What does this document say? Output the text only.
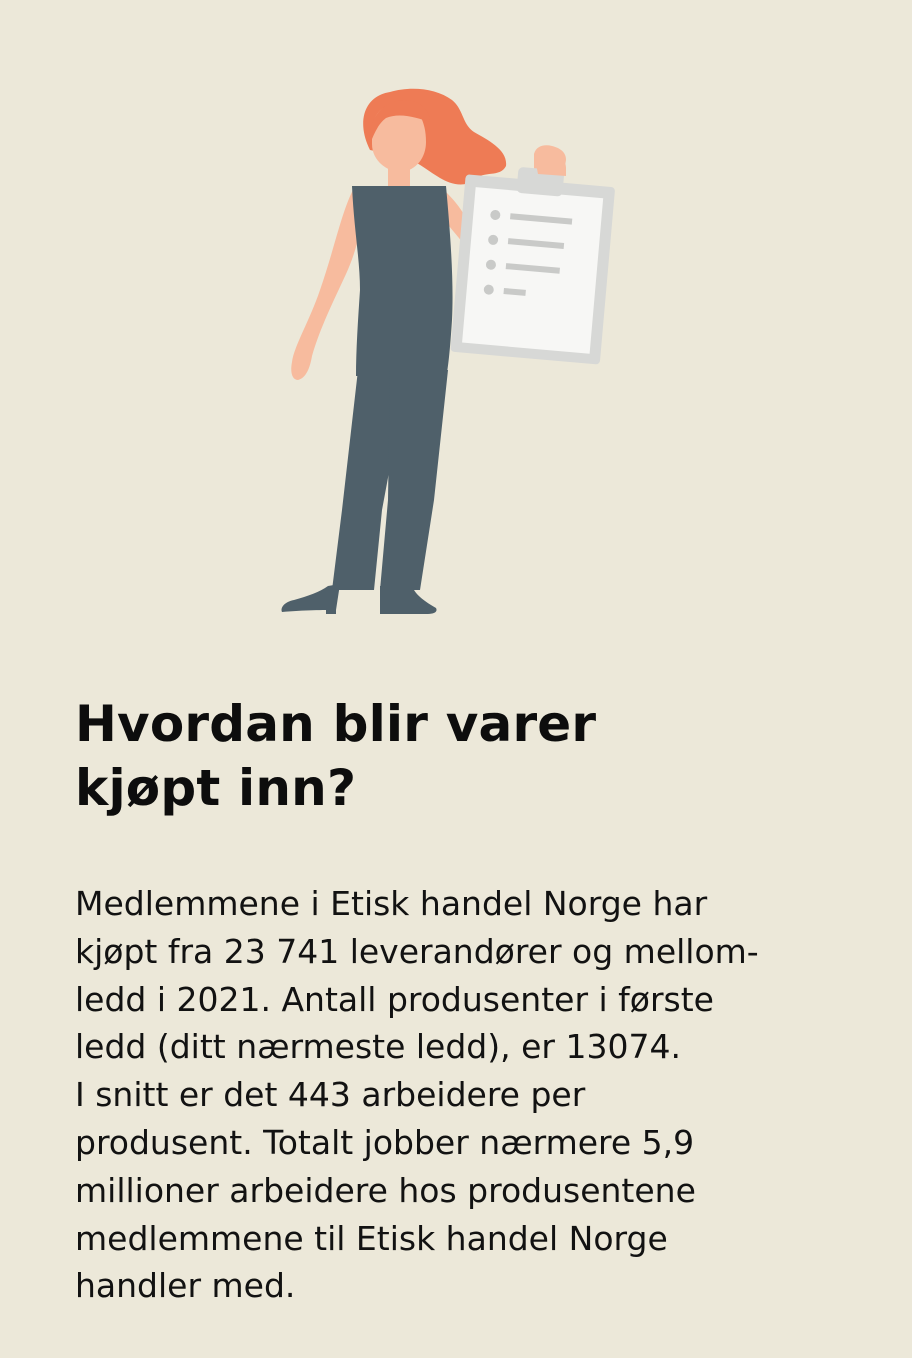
Hvordan blir varer
kjøpt inn?

Medlemmene i Etisk handel Norge har
kjøpt fra 23 741 leverandører og mellom-
ledd i 2021. Antall produsenter i første
ledd (ditt nærmeste ledd), er 13074.
I snitt er det 443 arbeidere per
produsent. Totalt jobber nærmere 5,9
millioner arbeidere hos produsentene
medlemmene til Etisk handel Norge
handler med.
